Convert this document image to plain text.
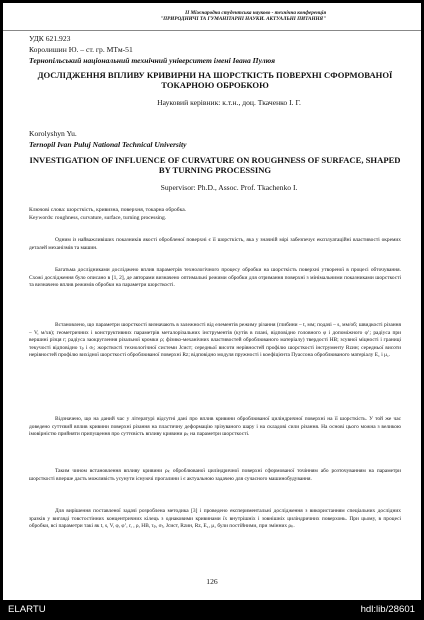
ІІ Міжнародна студентська науково - технічна конференція
"ПРИРОДНИЧІ ТА ГУМАНІТАРНІ НАУКИ. АКТУАЛЬНІ ПИТАННЯ"
УДК 621.923
Королишин Ю. – ст. гр. МТм-51
Тернопільський національний технічний університет імені Івана Пулюя
ДОСЛІДЖЕННЯ ВПЛИВУ КРИВИРНИ НА ШОРСТКІСТЬ ПОВЕРХНІ СФОРМОВАНОЇ ТОКАРНОЮ ОБРОБКОЮ
Науковий керівник: к.т.н., доц. Ткаченко І. Г.
Korolyshyn Yu.
Ternopil Ivan Puluj National Technical University
INVESTIGATION OF INFLUENCE OF CURVATURE ON ROUGHNESS OF SURFACE, SHAPED BY TURNING PROCESSING
Supervisor: Ph.D., Assoc. Prof. Tkachenko I.
Ключові слова: шорсткість, кривизна, поверхня, токарна обробка.
Keywords: roughness, curvature, surface, turning processing.
Одним із найважливіших показників якості обробленої поверхні є її шорсткість, яка у значній мірі забезпечує експлуатаційні властивості окремих деталей механізмів та машин.
Багатьма дослідниками досліджено вплив параметрів технологічного процесу обробки на шорсткість поверхні утвореної в процесі обточування. Схожі дослідження було описано в [1, 2], де авторами визначено оптимальні режими обробки для отримання поверхні з мінімальними показниками шорсткості та визначено вплив режимів обробки на параметри шорсткості.
Встановлено, що параметри шорсткості визначають в залежності від елементів режиму різання (глибини – t, мм; подачі – s, мм/об; швидкості різання – V, м/хв); геометричних і конструктивних параметрів металорізальних інструментів (кутів в плані, відповідно головного φ і допоміжного φ’; радіуса при вершині різця r; радіуса заокруглення різальної кромки ρ; фізико-механічних властивостей оброблюваного матеріалу) твердості НВ; зсувної міцності і границі текучості відповідно τₚ і σₜ; жорсткості технологічної системи Jсист; середньої висоти нерівностей профілю шорсткості інструменту Rzин; середньої висоти нерівностей профілю вихідної шорсткості оброблюваної поверхні Rz; відповідно модуля пружності і коефіцієнта Пуассона оброблюваного матеріалу E₁ і μ₁.
Відзначено, що на даний час у літературі відсутні дані про вплив кривини оброблюваної циліндричної поверхні на її шорсткість. У той же час доведено суттєвий вплив кривини поверхні різання на пластичну деформацію зрізуваного шару і на складові сили різання. На основі цього можна з великою імовірністю прийняти припущення про суттєвість впливу кривини ρₖ на параметри шорсткості.
Таким чином встановлення впливу кривини ρₖ оброблюваної циліндричної поверхні сформованої точінням або розточуванням на параметри шорсткості вперше дасть можливість усунути існуючі прогалини і є актуальною задачею для сучасного машинобудування.
Для вирішення поставленої задачі розроблена методика [3] і проведено експериментальні дослідження з використанням спеціальних дослідних зразків у вигляді товстостінних концентричних кілець з однаковими кривинами їх внутрішніх і зовнішніх циліндричних поверхонь. При цьому, в процесі обробки, всі параметри такі як t, s, V, φ, φ’, r, , ρ, НВ, τₚ, σₜ, Jсист, Rzин, Rz, E₁, μ₁ були постійними, при змінних ρₖ.
126
ELARTU	hdl:lib/28601
